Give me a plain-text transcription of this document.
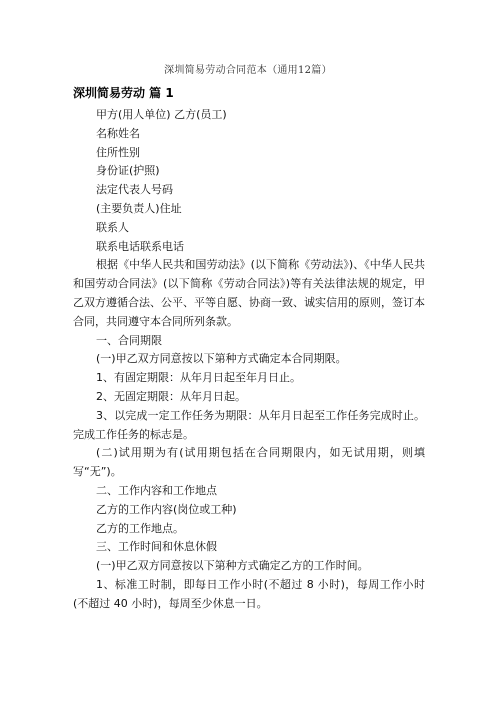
深圳简易劳动合同范本（通用12篇）
深圳简易劳动 篇 1

甲方(用人单位) 乙方(员工)

名称姓名

住所性别

身份证(护照)

法定代表人号码

(主要负责人)住址

联系人

联系电话联系电话

根据《中华人民共和国劳动法》(以下简称《劳动法》)、《中华人民共和国劳动合同法》(以下简称《劳动合同法》)等有关法律法规的规定，甲乙双方遵循合法、公平、平等自愿、协商一致、诚实信用的原则，签订本合同，共同遵守本合同所列条款。

一、合同期限

(一)甲乙双方同意按以下第种方式确定本合同期限。

1、有固定期限：从年月日起至年月日止。

2、无固定期限：从年月日起。

3、以完成一定工作任务为期限：从年月日起至工作任务完成时止。完成工作任务的标志是。

(二)试用期为有(试用期包括在合同期限内，如无试用期，则填写“无”)。

二、工作内容和工作地点

乙方的工作内容(岗位或工种)

乙方的工作地点。

三、工作时间和休息休假

(一)甲乙双方同意按以下第种方式确定乙方的工作时间。

1、标准工时制，即每日工作小时(不超过 8 小时)，每周工作小时(不超过 40 小时)，每周至少休息一日。
